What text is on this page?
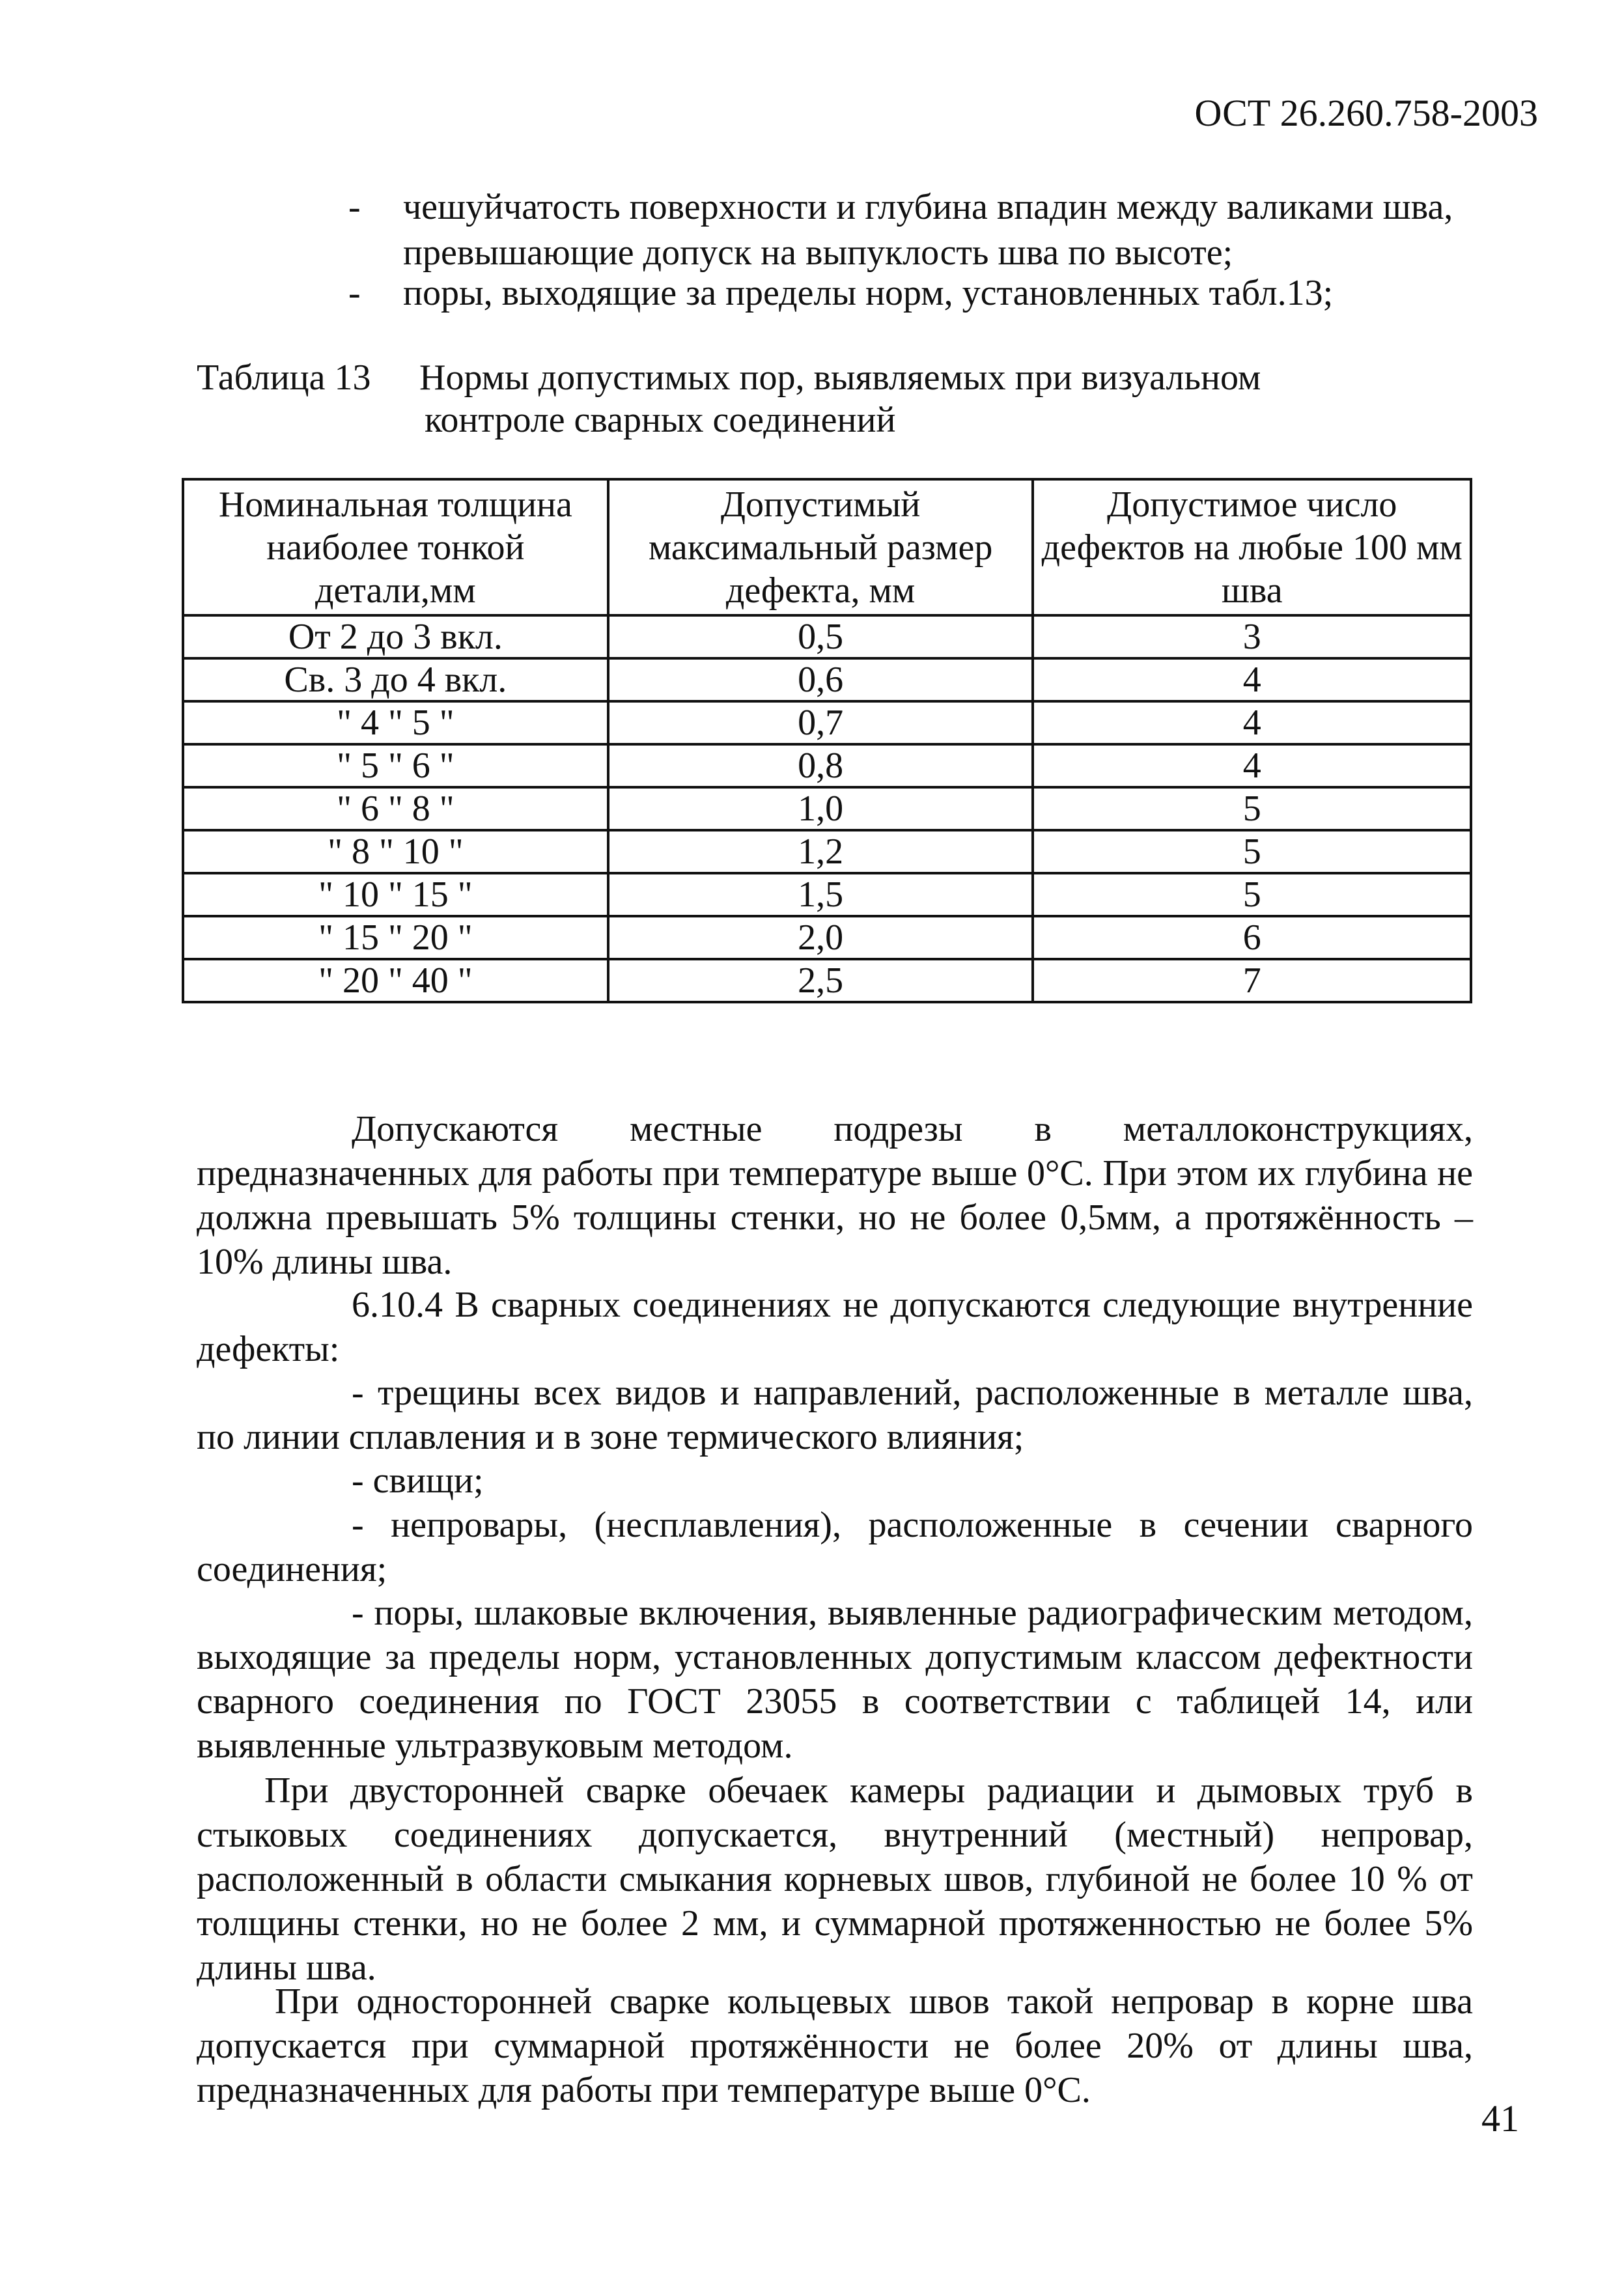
ОСТ 26.260.758-2003
- чешуйчатость поверхности и глубина впадин между валиками шва, превышающие допуск на выпуклость шва по высоте;
- поры, выходящие за пределы норм, установленных табл.13;
Таблица 13 Нормы допустимых пор, выявляемых при визуальном
контроле сварных соединений
Номинальная толщина наиболее тонкой детали,мм	Допустимый максимальный размер дефекта, мм	Допустимое число дефектов на любые 100 мм шва
От 2 до 3 вкл.	0,5	3
Св. 3 до 4 вкл.	0,6	4
" 4 " 5 "	0,7	4
" 5 " 6 "	0,8	4
" 6 " 8 "	1,0	5
" 8 " 10 "	1,2	5
" 10 " 15 "	1,5	5
" 15 " 20 "	2,0	6
" 20 " 40 "	2,5	7
Допускаются местные подрезы в металлоконструкциях, предназначенных для работы при температуре выше 0°С. При этом их глубина не должна превышать 5% толщины стенки, но не более 0,5мм, а протяжённость – 10% длины шва.
6.10.4 В сварных соединениях не допускаются следующие внутренние дефекты:
- трещины всех видов и направлений, расположенные в металле шва, по линии сплавления и в зоне термического влияния;
- свищи;
- непровары, (несплавления), расположенные в сечении сварного соединения;
- поры, шлаковые включения, выявленные радиографическим методом, выходящие за пределы норм, установленных допустимым классом дефектности сварного соединения по ГОСТ 23055 в соответствии с таблицей 14, или выявленные ультразвуковым методом.
При двусторонней сварке обечаек камеры радиации и дымовых труб в стыковых соединениях допускается, внутренний (местный) непровар, расположенный в области смыкания корневых швов, глубиной не более 10 % от толщины стенки, но не более 2 мм, и суммарной протяженностью не более 5% длины шва.
При односторонней сварке кольцевых швов такой непровар в корне шва допускается при суммарной протяжённости не более 20% от длины шва, предназначенных для работы при температуре выше 0°С.
41
